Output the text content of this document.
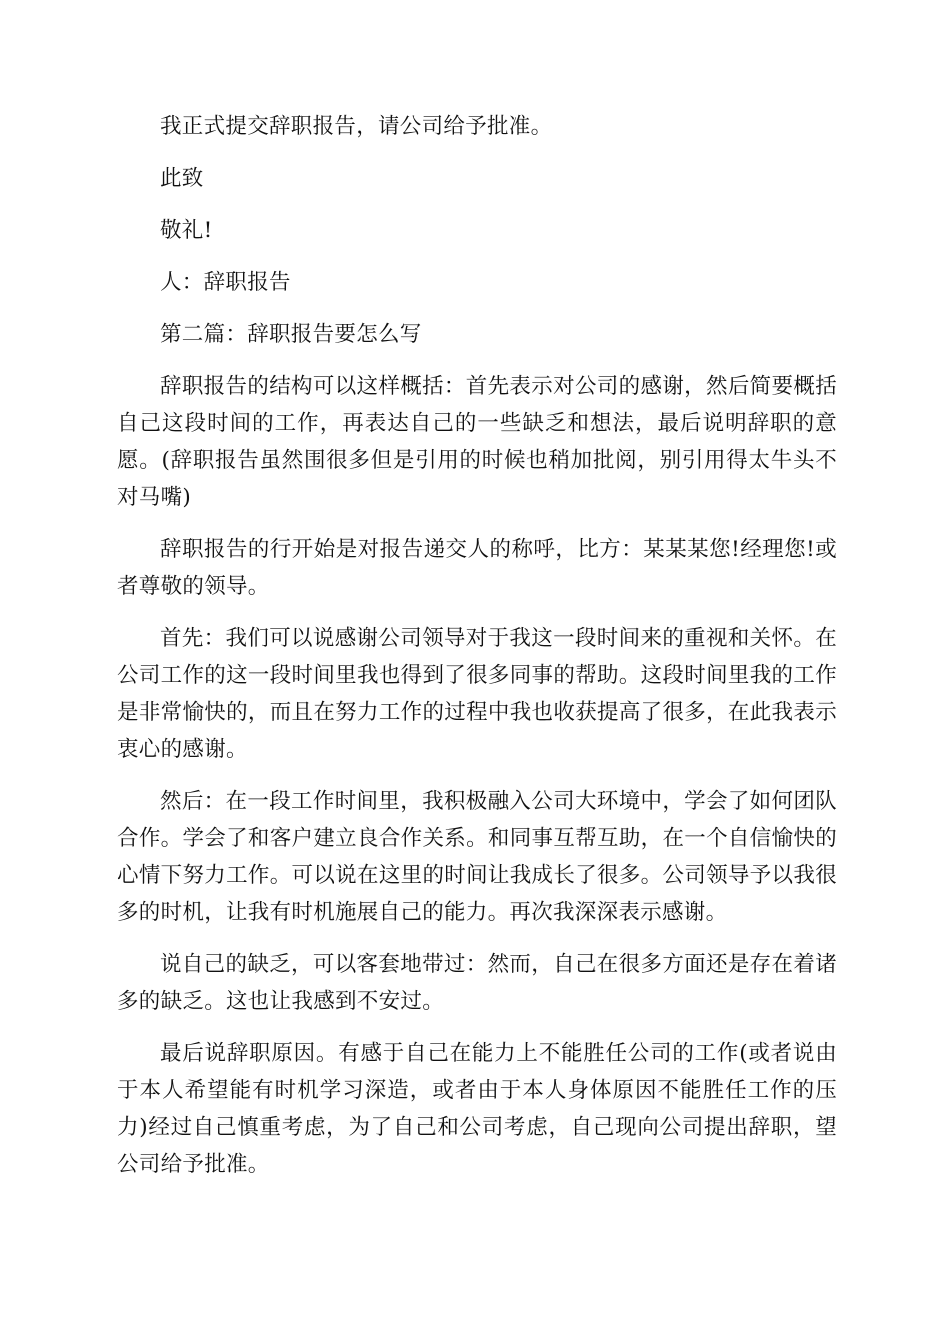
我正式提交辞职报告，请公司给予批准。

此致

敬礼!

人：辞职报告

第二篇：辞职报告要怎么写

辞职报告的结构可以这样概括：首先表示对公司的感谢，然后简要概括自己这段时间的工作，再表达自己的一些缺乏和想法，最后说明辞职的意愿。(辞职报告虽然围很多但是引用的时候也稍加批阅，别引用得太牛头不对马嘴)

辞职报告的行开始是对报告递交人的称呼，比方：某某某您!经理您!或者尊敬的领导。

首先：我们可以说感谢公司领导对于我这一段时间来的重视和关怀。在公司工作的这一段时间里我也得到了很多同事的帮助。这段时间里我的工作是非常愉快的，而且在努力工作的过程中我也收获提高了很多，在此我表示衷心的感谢。

然后：在一段工作时间里，我积极融入公司大环境中，学会了如何团队合作。学会了和客户建立良合作关系。和同事互帮互助，在一个自信愉快的心情下努力工作。可以说在这里的时间让我成长了很多。公司领导予以我很多的时机，让我有时机施展自己的能力。再次我深深表示感谢。

说自己的缺乏，可以客套地带过：然而，自己在很多方面还是存在着诸多的缺乏。这也让我感到不安过。

最后说辞职原因。有感于自己在能力上不能胜任公司的工作(或者说由于本人希望能有时机学习深造，或者由于本人身体原因不能胜任工作的压力)经过自己慎重考虑，为了自己和公司考虑，自己现向公司提出辞职，望公司给予批准。
